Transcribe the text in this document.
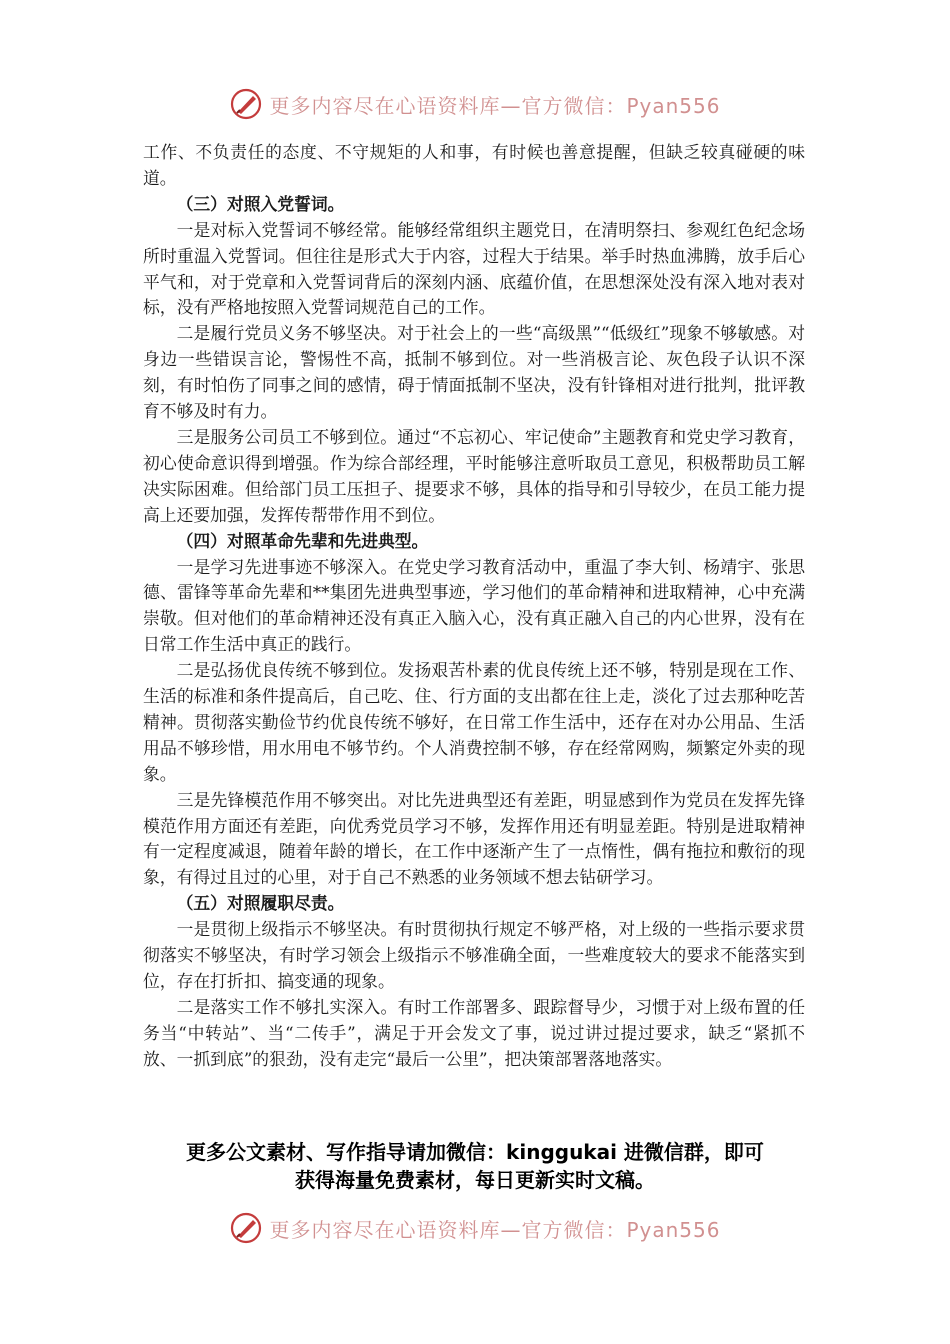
更多内容尽在心语资料库—官方微信：Pyan556

工作、不负责任的态度、不守规矩的人和事，有时候也善意提醒，但缺乏较真碰硬的味道。

（三）对照入党誓词。

一是对标入党誓词不够经常。能够经常组织主题党日，在清明祭扫、参观红色纪念场所时重温入党誓词。但往往是形式大于内容，过程大于结果。举手时热血沸腾，放手后心平气和，对于党章和入党誓词背后的深刻内涵、底蕴价值，在思想深处没有深入地对表对标，没有严格地按照入党誓词规范自己的工作。

二是履行党员义务不够坚决。对于社会上的一些“高级黑”“低级红”现象不够敏感。对身边一些错误言论，警惕性不高，抵制不够到位。对一些消极言论、灰色段子认识不深刻，有时怕伤了同事之间的感情，碍于情面抵制不坚决，没有针锋相对进行批判，批评教育不够及时有力。

三是服务公司员工不够到位。通过“不忘初心、牢记使命”主题教育和党史学习教育，初心使命意识得到增强。作为综合部经理，平时能够注意听取员工意见，积极帮助员工解决实际困难。但给部门员工压担子、提要求不够，具体的指导和引导较少，在员工能力提高上还要加强，发挥传帮带作用不到位。

（四）对照革命先辈和先进典型。

一是学习先进事迹不够深入。在党史学习教育活动中，重温了李大钊、杨靖宇、张思德、雷锋等革命先辈和**集团先进典型事迹，学习他们的革命精神和进取精神，心中充满崇敬。但对他们的革命精神还没有真正入脑入心，没有真正融入自己的内心世界，没有在日常工作生活中真正的践行。

二是弘扬优良传统不够到位。发扬艰苦朴素的优良传统上还不够，特别是现在工作、生活的标准和条件提高后，自己吃、住、行方面的支出都在往上走，淡化了过去那种吃苦精神。贯彻落实勤俭节约优良传统不够好，在日常工作生活中，还存在对办公用品、生活用品不够珍惜，用水用电不够节约。个人消费控制不够，存在经常网购，频繁定外卖的现象。

三是先锋模范作用不够突出。对比先进典型还有差距，明显感到作为党员在发挥先锋模范作用方面还有差距，向优秀党员学习不够，发挥作用还有明显差距。特别是进取精神有一定程度减退，随着年龄的增长，在工作中逐渐产生了一点惰性，偶有拖拉和敷衍的现象，有得过且过的心里，对于自己不熟悉的业务领域不想去钻研学习。

（五）对照履职尽责。

一是贯彻上级指示不够坚决。有时贯彻执行规定不够严格，对上级的一些指示要求贯彻落实不够坚决，有时学习领会上级指示不够准确全面，一些难度较大的要求不能落实到位，存在打折扣、搞变通的现象。

二是落实工作不够扎实深入。有时工作部署多、跟踪督导少，习惯于对上级布置的任务当“中转站”、当“二传手”，满足于开会发文了事，说过讲过提过要求，缺乏“紧抓不放、一抓到底”的狠劲，没有走完“最后一公里”，把决策部署落地落实。

更多公文素材、写作指导请加微信：kinggukai 进微信群，即可
获得海量免费素材，每日更新实时文稿。
更多内容尽在心语资料库—官方微信：Pyan556
